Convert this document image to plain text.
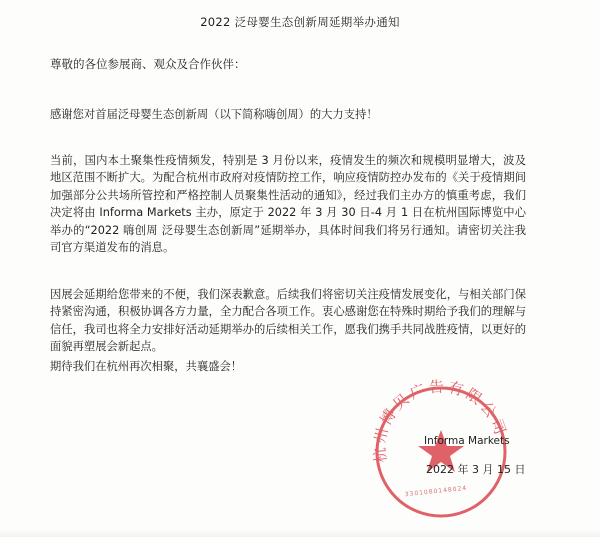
2022 泛母婴生态创新周延期举办通知
尊敬的各位参展商、观众及合作伙伴：

感谢您对首届泛母婴生态创新周（以下简称嗨创周）的大力支持！

当前，国内本土聚集性疫情频发，特别是 3 月份以来，疫情发生的频次和规模明显增大，波及地区范围不断扩大。为配合杭州市政府对疫情防控工作，响应疫情防控办发布的《关于疫情期间加强部分公共场所管控和严格控制人员聚集性活动的通知》，经过我们主办方的慎重考虑，我们决定将由 Informa Markets 主办，原定于 2022 年 3 月 30 日-4 月 1 日在杭州国际博览中心举办的“2022 嗨创周 泛母婴生态创新周”延期举办，具体时间我们将另行通知。请密切关注我司官方渠道发布的消息。

因展会延期给您带来的不便，我们深表歉意。后续我们将密切关注疫情发展变化，与相关部门保持紧密沟通，积极协调各方力量，全力配合各项工作。衷心感谢您在特殊时期给予我们的理解与信任，我司也将全力安排好活动延期举办的后续相关工作，愿我们携手共同战胜疫情，以更好的面貌再塑展会新起点。

期待我们在杭州再次相聚，共襄盛会！

杭州博贝广告有限公司
3301080148024
Informa Markets
2022 年 3 月 15 日
